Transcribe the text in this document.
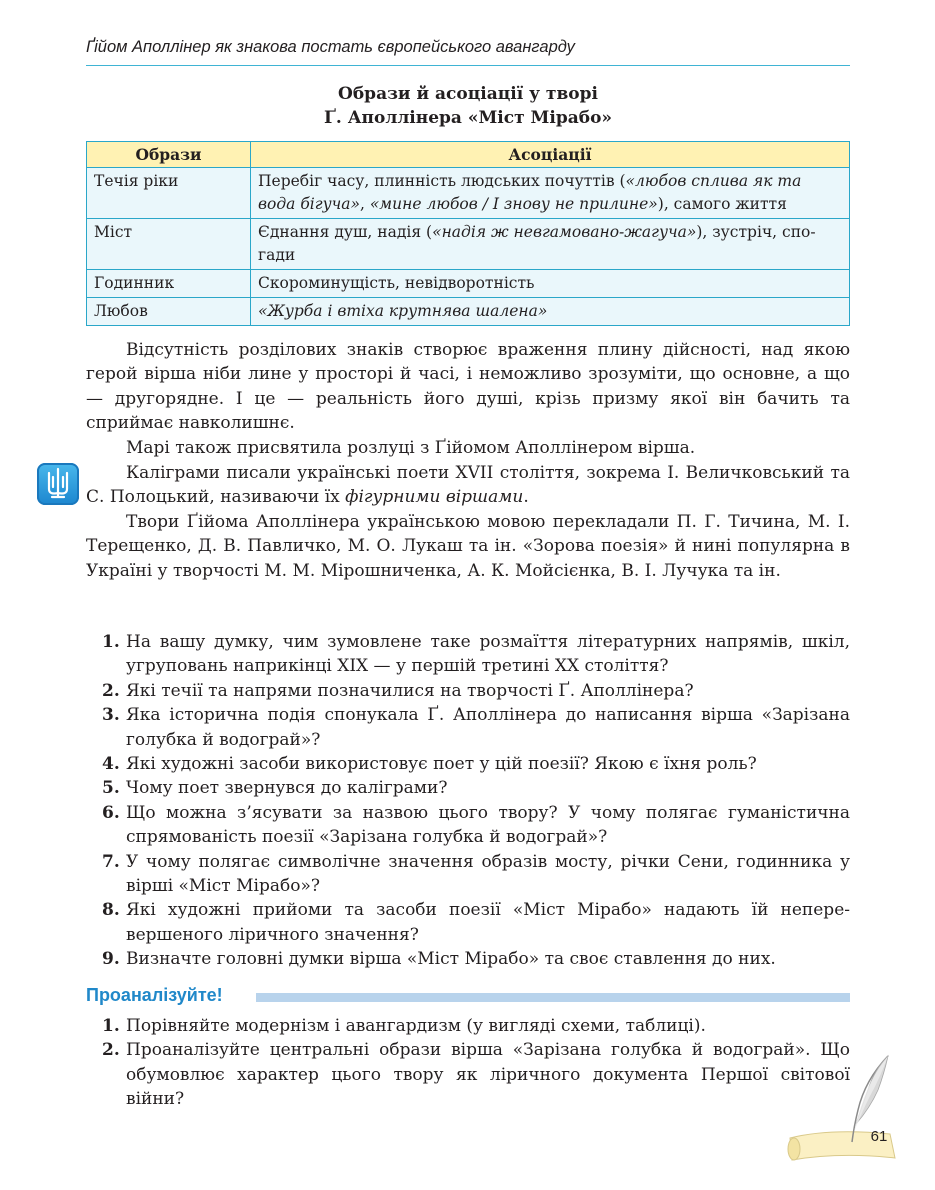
Ґійом Аполлінер як знакова постать європейського авангарду
Образи й асоціації у творі
Ґ. Аполлінера «Міст Мірабо»
Образи	Асоціації
Течія ріки	Перебіг часу, плинність людських почуттів («любов сплива як та вода бігуча», «мине любов / І знову не прилине»), самого життя
Міст	Єднання душ, надія («надія ж невгамовано-жагуча»), зустріч, спогади
Годинник	Скороминущість, невідворотність
Любов	«Журба і втіха крутнява шалена»

Відсутність розділових знаків створює враження плину дійсності, над якою герой вірша ніби лине у просторі й часі, і неможливо зрозуміти, що основне, а що — другорядне. І це — реальність його душі, крізь призму якої він бачить та сприймає навколишнє.

Марі також присвятила розлуці з Ґійомом Аполлінером вірша.

Каліграми писали українські поети XVII століття, зокрема І. Величковський та С. Полоцький, називаючи їх фігурними віршами.

Твори Ґійома Аполлінера українською мовою перекладали П. Г. Тичина, М. І. Терещенко, Д. В. Павличко, М. О. Лукаш та ін. «Зорова поезія» й нині популярна в Україні у творчості М. М. Мірошниченка, А. К. Мойсієнка, В. І. Лучука та ін.

1. На вашу думку, чим зумовлене таке розмаїття літературних напрямів, шкіл, угруповань наприкінці XIX — у першій третині XX століття?
2. Які течії та напрями позначилися на творчості Ґ. Аполлінера?
3. Яка історична подія спонукала Ґ. Аполлінера до написання вірша «Зарізана голубка й водограй»?
4. Які художні засоби використовує поет у цій поезії? Якою є їхня роль?
5. Чому поет звернувся до каліграми?
6. Що можна з’ясувати за назвою цього твору? У чому полягає гуманістична спрямованість поезії «Зарізана голубка й водограй»?
7. У чому полягає символічне значення образів мосту, річки Сени, годинника у вірші «Міст Мірабо»?
8. Які художні прийоми та засоби поезії «Міст Мірабо» надають їй неперевершеного ліричного значення?
9. Визначте головні думки вірша «Міст Мірабо» та своє ставлення до них.
Проаналізуйте!
1. Порівняйте модернізм і авангардизм (у вигляді схеми, таблиці).
2. Проаналізуйте центральні образи вірша «Зарізана голубка й водограй». Що обумовлює характер цього твору як ліричного документа Першої світової війни?
61
